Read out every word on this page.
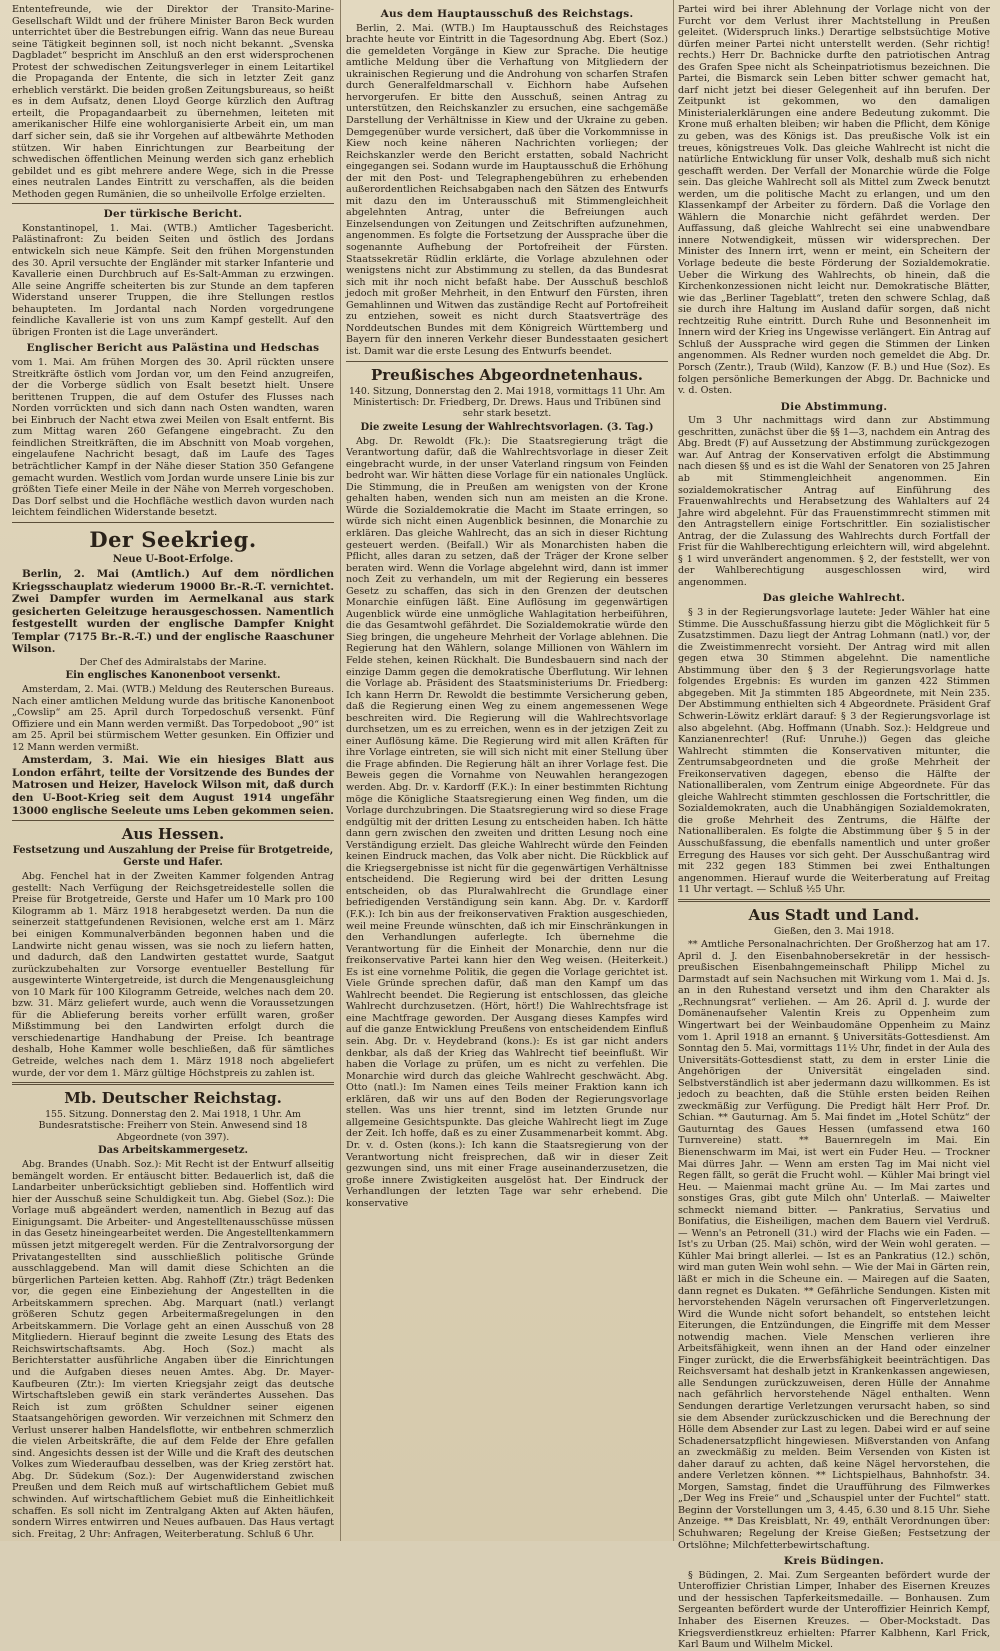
Ententefreunde, wie der Direktor der Transito-Marine-Gesellschaft Wildt und der frühere Minister Baron Beck wurden unterrichtet über die Bestrebungen eifrig. Wann das neue Bureau seine Tätigkeit beginnen soll, ist noch nicht bekannt. „Svenska Dagbladet“ bespricht im Anschluß an den erst widersprochenen Protest der schwedischen Zeitungsverleger in einem Leitartikel die Propaganda der Entente, die sich in letzter Zeit ganz erheblich verstärkt. Die beiden großen Zeitungsbureaus, so heißt es in dem Aufsatz, denen Lloyd George kürzlich den Auftrag erteilt, die Propagandaarbeit zu übernehmen, leiteten mit amerikanischer Hilfe eine wohlorganisierte Arbeit ein, um man darf sicher sein, daß sie ihr Vorgehen auf altbewährte Methoden stützen. Wir haben Einrichtungen zur Bearbeitung der schwedischen öffentlichen Meinung werden sich ganz erheblich gebildet und es gibt mehrere andere Wege, sich in die Presse eines neutralen Landes Eintritt zu verschaffen, als die beiden Methoden gegen Rumänien, die so unheilvolle Erfolge erzielten.

Der türkische Bericht.

Konstantinopel, 1. Mai. (WTB.) Amtlicher Tagesbericht. Palästinafront: Zu beiden Seiten und östlich des Jordans entwickeln sich neue Kämpfe. Seit den frühen Morgenstunden des 30. April versuchte der Engländer mit starker Infanterie und Kavallerie einen Durchbruch auf Es-Salt-Amman zu erzwingen. Alle seine Angriffe scheiterten bis zur Stunde an dem tapferen Widerstand unserer Truppen, die ihre Stellungen restlos behaupteten. Im Jordantal nach Norden vorgedrungene feindliche Kavallerie ist von uns zum Kampf gestellt. Auf den übrigen Fronten ist die Lage unverändert.

Englischer Bericht aus Palästina und Hedschas

vom 1. Mai. Am frühen Morgen des 30. April rückten unsere Streitkräfte östlich vom Jordan vor, um den Feind anzugreifen, der die Vorberge südlich von Esalt besetzt hielt. Unsere berittenen Truppen, die auf dem Ostufer des Flusses nach Norden vorrückten und sich dann nach Osten wandten, waren bei Einbruch der Nacht etwa zwei Meilen von Esalt entfernt. Bis zum Mittag waren 260 Gefangene eingebracht. Zu den feindlichen Streitkräften, die im Abschnitt von Moab vorgehen, eingelaufene Nachricht besagt, daß im Laufe des Tages beträchtlicher Kampf in der Nähe dieser Station 350 Gefangene gemacht wurden. Westlich vom Jordan wurde unsere Linie bis zur größten Tiefe einer Meile in der Nähe von Merreh vorgeschoben. Das Dorf selbst und die Hochfläche westlich davon wurden nach leichtem feindlichen Widerstande besetzt.

Der Seekrieg.
Neue U-Boot-Erfolge.

Berlin, 2. Mai (Amtlich.) Auf dem nördlichen Kriegsschauplatz wiederum 19000 Br.-R.-T. vernichtet. Zwei Dampfer wurden im Aermelkanal aus stark gesicherten Geleitzuge herausgeschossen. Namentlich festgestellt wurden der englische Dampfer Knight Templar (7175 Br.-R.-T.) und der englische Raaschuner Wilson.

Der Chef des Admiralstabs der Marine.
Ein englisches Kanonenboot versenkt.

Amsterdam, 2. Mai. (WTB.) Meldung des Reuterschen Bureaus. Nach einer amtlichen Meldung wurde das britische Kanonenboot „Cowslip“ am 25. April durch Torpedoschuß versenkt. Fünf Offiziere und ein Mann werden vermißt. Das Torpedoboot „90“ ist am 25. April bei stürmischem Wetter gesunken. Ein Offizier und 12 Mann werden vermißt.

Amsterdam, 3. Mai. Wie ein hiesiges Blatt aus London erfährt, teilte der Vorsitzende des Bundes der Matrosen und Heizer, Havelock Wilson mit, daß durch den U-Boot-Krieg seit dem August 1914 ungefähr 13000 englische Seeleute ums Leben gekommen seien.

Aus Hessen.
Festsetzung und Auszahlung der Preise für Brotgetreide, Gerste und Hafer.

Abg. Fenchel hat in der Zweiten Kammer folgenden Antrag gestellt: Nach Verfügung der Reichsgetreidestelle sollen die Preise für Brotgetreide, Gerste und Hafer um 10 Mark pro 100 Kilogramm ab 1. März 1918 herabgesetzt werden. Da nun die seinerzeit stattgefundenen Revisionen, welche erst am 1. März bei einigen Kommunalverbänden begonnen haben und die Landwirte nicht genau wissen, was sie noch zu liefern hatten, und dadurch, daß den Landwirten gestattet wurde, Saatgut zurückzubehalten zur Vorsorge eventueller Bestellung für ausgewinterte Wintergetreide, ist durch die Mengenausgleichung von 10 Mark für 100 Kilogramm Getreide, welches nach dem 20. bzw. 31. März geliefert wurde, auch wenn die Voraussetzungen für die Ablieferung bereits vorher erfüllt waren, großer Mißstimmung bei den Landwirten erfolgt durch die verschiedenartige Handhabung der Preise. Ich beantrage deshalb, Hohe Kammer wolle beschließen, daß für sämtliches Getreide, welches nach dem 1. März 1918 noch abgeliefert wurde, der vor dem 1. März gültige Höchstpreis zu zahlen ist.

Mb. Deutscher Reichstag.
155. Sitzung. Donnerstag den 2. Mai 1918, 1 Uhr. Am Bundesratstische: Freiherr von Stein. Anwesend sind 18 Abgeordnete (von 397).
Das Arbeitskammergesetz.

Abg. Brandes (Unabh. Soz.): Mit Recht ist der Entwurf allseitig bemängelt worden. Er entäuscht bitter. Bedauerlich ist, daß die Landarbeiter unberücksichtigt geblieben sind. Hoffentlich wird hier der Ausschuß seine Schuldigkeit tun. Abg. Giebel (Soz.): Die Vorlage muß abgeändert werden, namentlich in Bezug auf das Einigungsamt. Die Arbeiter- und Angestelltenausschüsse müssen in das Gesetz hineingearbeitet werden. Die Angestelltenkammern müssen jetzt mitgeregelt werden. Für die Zentralvorsorgung der Privatangestellten sind ausschließlich politische Gründe ausschlaggebend. Man will damit diese Schichten an die bürgerlichen Parteien ketten. Abg. Rahhoff (Ztr.) trägt Bedenken vor, die gegen eine Einbeziehung der Angestellten in die Arbeitskammern sprechen. Abg. Marquart (natl.) verlangt größeren Schutz gegen Arbeitermaßregelungen in den Arbeitskammern. Die Vorlage geht an einen Ausschuß von 28 Mitgliedern. Hierauf beginnt die zweite Lesung des Etats des Reichswirtschaftsamts. Abg. Hoch (Soz.) macht als Berichterstatter ausführliche Angaben über die Einrichtungen und die Aufgaben dieses neuen Amtes. Abg. Dr. Mayer-Kaufbeuren (Ztr.): Im vierten Kriegsjahr zeigt das deutsche Wirtschaftsleben gewiß ein stark verändertes Aussehen. Das Reich ist zum größten Schuldner seiner eigenen Staatsangehörigen geworden. Wir verzeichnen mit Schmerz den Verlust unserer halben Handelsflotte, wir entbehren schmerzlich die vielen Arbeitskräfte, die auf dem Felde der Ehre gefallen sind. Angesichts dessen ist der Wille und die Kraft des deutschen Volkes zum Wiederaufbau desselben, was der Krieg zerstört hat. Abg. Dr. Südekum (Soz.): Der Augenwiderstand zwischen Preußen und dem Reich muß auf wirtschaftlichem Gebiet muß schwinden. Auf wirtschaftlichem Gebiet muß die Einheitlichkeit schaffen. Es soll nicht im Zentralgang Akten auf Akten häufen, sondern Wirres entwirren und Neues aufbauen. Das Haus vertagt sich. Freitag, 2 Uhr: Anfragen, Weiterberatung. Schluß 6 Uhr.

Aus dem Hauptausschuß des Reichstags.

Berlin, 2. Mai. (WTB.) Im Hauptausschuß des Reichstages brachte heute vor Eintritt in die Tagesordnung Abg. Ebert (Soz.) die gemeldeten Vorgänge in Kiew zur Sprache. Die heutige amtliche Meldung über die Verhaftung von Mitgliedern der ukrainischen Regierung und die Androhung von scharfen Strafen durch Generalfeldmarschall v. Eichhorn habe Aufsehen hervorgerufen. Er bitte den Ausschuß, seinen Antrag zu unterstützen, den Reichskanzler zu ersuchen, eine sachgemäße Darstellung der Verhältnisse in Kiew und der Ukraine zu geben. Demgegenüber wurde versichert, daß über die Vorkommnisse in Kiew noch keine näheren Nachrichten vorliegen; der Reichskanzler werde den Bericht erstatten, sobald Nachricht eingegangen sei. Sodann wurde im Hauptausschuß die Erhöhung der mit den Post- und Telegraphengebühren zu erhebenden außerordentlichen Reichsabgaben nach den Sätzen des Entwurfs mit dazu den im Unterausschuß mit Stimmengleichheit abgelehnten Antrag, unter die Befreiungen auch Einzelsendungen von Zeitungen und Zeitschriften aufzunehmen, angenommen. Es folgte die Fortsetzung der Aussprache über die sogenannte Aufhebung der Portofreiheit der Fürsten. Staatssekretär Rüdlin erklärte, die Vorlage abzulehnen oder wenigstens nicht zur Abstimmung zu stellen, da das Bundesrat sich mit ihr noch nicht befaßt habe. Der Ausschuß beschloß jedoch mit großer Mehrheit, in den Entwurf den Fürsten, ihren Gemahlinnen und Witwen das zuständige Recht auf Portofreiheit zu entziehen, soweit es nicht durch Staatsverträge des Norddeutschen Bundes mit dem Königreich Württemberg und Bayern für den inneren Verkehr dieser Bundesstaaten gesichert ist. Damit war die erste Lesung des Entwurfs beendet.

Preußisches Abgeordnetenhaus.
140. Sitzung, Donnerstag den 2. Mai 1918, vormittags 11 Uhr. Am Ministertisch: Dr. Friedberg, Dr. Drews. Haus und Tribünen sind sehr stark besetzt.
Die zweite Lesung der Wahlrechtsvorlagen. (3. Tag.)

Abg. Dr. Rewoldt (Fk.): Die Staatsregierung trägt die Verantwortung dafür, daß die Wahlrechtsvorlage in dieser Zeit eingebracht wurde, in der unser Vaterland ringsum von Feinden bedroht war. Wir hätten diese Vorlage für ein nationales Unglück. Die Stimmung, die in Preußen am wenigsten von der Krone gehalten haben, wenden sich nun am meisten an die Krone. Würde die Sozialdemokratie die Macht im Staate erringen, so würde sich nicht einen Augenblick besinnen, die Monarchie zu erklären. Das gleiche Wahlrecht, das an sich in dieser Richtung gesteuert werden. (Beifall.) Wir als Monarchisten haben die Pflicht, alles daran zu setzen, daß der Träger der Krone selber beraten wird. Wenn die Vorlage abgelehnt wird, dann ist immer noch Zeit zu verhandeln, um mit der Regierung ein besseres Gesetz zu schaffen, das sich in den Grenzen der deutschen Monarchie einfügen läßt. Eine Auflösung im gegenwärtigen Augenblick würde eine unmögliche Wahlagitation herbeiführen, die das Gesamtwohl gefährdet. Die Sozialdemokratie würde den Sieg bringen, die ungeheure Mehrheit der Vorlage ablehnen. Die Regierung hat den Wählern, solange Millionen von Wählern im Felde stehen, keinen Rückhalt. Die Bundesbauern sind nach der einzige Damm gegen die demokratische Überflutung. Wir lehnen die Vorlage ab. Präsident des Staatsministeriums Dr. Friedberg: Ich kann Herrn Dr. Rewoldt die bestimmte Versicherung geben, daß die Regierung einen Weg zu einem angemessenen Wege beschreiten wird. Die Regierung will die Wahlrechtsvorlage durchsetzen, um es zu erreichen, wenn es in der jetzigen Zeit zu einer Auflösung käme. Die Regierung wird mit allen Kräften für ihre Vorlage eintreten, sie will sich nicht mit einer Stellung über die Frage abfinden. Die Regierung hält an ihrer Vorlage fest. Die Beweis gegen die Vornahme von Neuwahlen herangezogen werden. Abg. Dr. v. Kardorff (F.K.): In einer bestimmten Richtung möge die Königliche Staatsregierung einen Weg finden, um die Vorlage durchzubringen. Die Staatsregierung wird so diese Frage endgültig mit der dritten Lesung zu entscheiden haben. Ich hätte dann gern zwischen den zweiten und dritten Lesung noch eine Verständigung erzielt. Das gleiche Wahlrecht würde den Feinden keinen Eindruck machen, das Volk aber nicht. Die Rückblick auf die Kriegsergebnisse ist nicht für die gegenwärtigen Verhältnisse entscheidend. Die Regierung wird bei der dritten Lesung entscheiden, ob das Pluralwahlrecht die Grundlage einer befriedigenden Verständigung sein kann. Abg. Dr. v. Kardorff (F.K.): Ich bin aus der freikonservativen Fraktion ausgeschieden, weil meine Freunde wünschten, daß ich mir Einschränkungen in den Verhandlungen auferlegte. Ich übernehme die Verantwortung für die Einheit der Monarchie, denn nur die freikonservative Partei kann hier den Weg weisen. (Heiterkeit.) Es ist eine vornehme Politik, die gegen die Vorlage gerichtet ist. Viele Gründe sprechen dafür, daß man den Kampf um das Wahlrecht beendet. Die Regierung ist entschlossen, das gleiche Wahlrecht durchzusetzen. (Hört, hört!) Die Wahlrechtsfrage ist eine Machtfrage geworden. Der Ausgang dieses Kampfes wird auf die ganze Entwicklung Preußens von entscheidendem Einfluß sein. Abg. Dr. v. Heydebrand (kons.): Es ist gar nicht anders denkbar, als daß der Krieg das Wahlrecht tief beeinflußt. Wir haben die Vorlage zu prüfen, um es nicht zu verfehlen. Die Monarchie wird durch das gleiche Wahlrecht geschwächt. Abg. Otto (natl.): Im Namen eines Teils meiner Fraktion kann ich erklären, daß wir uns auf den Boden der Regierungsvorlage stellen. Was uns hier trennt, sind im letzten Grunde nur allgemeine Gesichtspunkte. Das gleiche Wahlrecht liegt im Zuge der Zeit. Ich hoffe, daß es zu einer Zusammenarbeit kommt. Abg. Dr. v. d. Osten (kons.): Ich kann die Staatsregierung von der Verantwortung nicht freisprechen, daß wir in dieser Zeit gezwungen sind, uns mit einer Frage auseinanderzusetzen, die große innere Zwistigkeiten ausgelöst hat. Der Eindruck der Verhandlungen der letzten Tage war sehr erhebend. Die konservative

Partei wird bei ihrer Ablehnung der Vorlage nicht von der Furcht vor dem Verlust ihrer Machtstellung in Preußen geleitet. (Widerspruch links.) Derartige selbstsüchtige Motive dürfen meiner Partei nicht unterstellt werden. (Sehr richtig! rechts.) Herr Dr. Bachnicke durfte den patriotischen Antrag des Grafen Spee nicht als Scheinpatriotismus bezeichnen. Die Partei, die Bismarck sein Leben bitter schwer gemacht hat, darf nicht jetzt bei dieser Gelegenheit auf ihn berufen. Der Zeitpunkt ist gekommen, wo den damaligen Ministerialerklärungen eine andere Bedeutung zukommt. Die Krone muß erhalten bleiben; wir haben die Pflicht, dem Könige zu geben, was des Königs ist. Das preußische Volk ist ein treues, königstreues Volk. Das gleiche Wahlrecht ist nicht die natürliche Entwicklung für unser Volk, deshalb muß sich nicht geschafft werden. Der Verfall der Monarchie würde die Folge sein. Das gleiche Wahlrecht soll als Mittel zum Zweck benutzt werden, um die politische Macht zu erlangen, und um den Klassenkampf der Arbeiter zu fördern. Daß die Vorlage den Wählern die Monarchie nicht gefährdet werden. Der Auffassung, daß gleiche Wahlrecht sei eine unabwendbare innere Notwendigkeit, müssen wir widersprechen. Der Minister des Innern irrt, wenn er meint, ein Scheitern der Vorlage bedeute die beste Förderung der Sozialdemokratie. Ueber die Wirkung des Wahlrechts, ob hinein, daß die Kirchenkonzessionen nicht leicht nur. Demokratische Blätter, wie das „Berliner Tageblatt“, treten den schwere Schlag, daß sie durch ihre Haltung im Ausland dafür sorgen, daß nicht rechtzeitig Ruhe eintritt. Durch Ruhe und Besonnenheit im Innern wird der Krieg ins Ungewisse verlängert. Ein Antrag auf Schluß der Aussprache wird gegen die Stimmen der Linken angenommen. Als Redner wurden noch gemeldet die Abg. Dr. Porsch (Zentr.), Traub (Wild), Kanzow (F. B.) und Hue (Soz). Es folgen persönliche Bemerkungen der Abgg. Dr. Bachnicke und v. d. Osten.

Die Abstimmung.

Um 3 Uhr nachmittags wird dann zur Abstimmung geschritten, zunächst über die §§ 1—3, nachdem ein Antrag des Abg. Bredt (F) auf Aussetzung der Abstimmung zurückgezogen war. Auf Antrag der Konservativen erfolgt die Abstimmung nach diesen §§ und es ist die Wahl der Senatoren von 25 Jahren ab mit Stimmengleichheit angenommen. Ein sozialdemokratischer Antrag auf Einführung des Frauenwahlrechts und Herabsetzung des Wahlalters auf 24 Jahre wird abgelehnt. Für das Frauenstimmrecht stimmen mit den Antragstellern einige Fortschrittler. Ein sozialistischer Antrag, der die Zulassung des Wahlrechts durch Fortfall der Frist für die Wahlberechtigung erleichtern will, wird abgelehnt. § 1 wird unverändert angenommen. § 2, der feststellt, wer von der Wahlberechtigung ausgeschlossen wird, wird angenommen.

Das gleiche Wahlrecht.

§ 3 in der Regierungsvorlage lautete: Jeder Wähler hat eine Stimme. Die Ausschußfassung hierzu gibt die Möglichkeit für 5 Zusatzstimmen. Dazu liegt der Antrag Lohmann (natl.) vor, der die Zweistimmenrecht vorsieht. Der Antrag wird mit allen gegen etwa 30 Stimmen abgelehnt. Die namentliche Abstimmung über den § 3 der Regierungsvorlage hatte folgendes Ergebnis: Es wurden im ganzen 422 Stimmen abgegeben. Mit Ja stimmten 185 Abgeordnete, mit Nein 235. Der Abstimmung enthielten sich 4 Abgeordnete. Präsident Graf Schwerin-Löwitz erklärt darauf: § 3 der Regierungsvorlage ist also abgelehnt. (Abg. Hoffmann (Unabh. Soz.): Heldgreue und Kanzianenrechter! (Ruf: Unruhe.)) Gegen das gleiche Wahlrecht stimmten die Konservativen mitunter, die Zentrumsabgeordneten und die große Mehrheit der Freikonservativen dagegen, ebenso die Hälfte der Nationalliberalen, vom Zentrum einige Abgeordnete. Für das gleiche Wahlrecht stimmten geschlossen die Fortschrittler, die Sozialdemokraten, auch die Unabhängigen Sozialdemokraten, die große Mehrheit des Zentrums, die Hälfte der Nationalliberalen. Es folgte die Abstimmung über § 5 in der Ausschußfassung, die ebenfalls namentlich und unter großer Erregung des Hauses vor sich geht. Der Ausschußantrag wird mit 232 gegen 183 Stimmen bei zwei Enthaltungen angenommen. Hierauf wurde die Weiterberatung auf Freitag 11 Uhr vertagt. — Schluß ½5 Uhr.

Aus Stadt und Land.
Gießen, den 3. Mai 1918.

** Amtliche Personalnachrichten. Der Großherzog hat am 17. April d. J. den Eisenbahnobersekretär in der hessisch-preußischen Eisenbahngemeinschaft Philipp Michel zu Darmstadt auf sein Nachsuchen mit Wirkung vom 1. Mai d. Js. an in den Ruhestand versetzt und ihm den Charakter als „Rechnungsrat“ verliehen. — Am 26. April d. J. wurde der Domänenaufseher Valentin Kreis zu Oppenheim zum Wingertwart bei der Weinbaudomäne Oppenheim zu Mainz vom 1. April 1918 an ernannt. § Universitäts-Gottesdienst. Am Sonntag den 5. Mai, vormittags 11½ Uhr, findet in der Aula des Universitäts-Gottesdienst statt, zu dem in erster Linie die Angehörigen der Universität eingeladen sind. Selbstverständlich ist aber jedermann dazu willkommen. Es ist jedoch zu beachten, daß die Stühle ersten beiden Reihen zweckmäßig zur Verfügung. Die Predigt hält Herr Prof. Dr. Schian. ** Gauturnag. Am 5. Mai findet im „Hotel Schütz“ der Gauturntag des Gaues Hessen (umfassend etwa 160 Turnvereine) statt. ** Bauernregeln im Mai. Ein Bienenschwarm im Mai, ist wert ein Fuder Heu. — Trockner Mai dürres Jahr. — Wenn am ersten Tag im Mai nicht viel Regen fällt, so gerät die Frucht wohl. — Kühler Mai bringt viel Heu. — Maienmai macht grüne Au. — Im Mai zartes und sonstiges Gras, gibt gute Milch ohn' Unterlaß. — Maiwelter schmeckt niemand bitter. — Pankratius, Servatius und Bonifatius, die Eisheiligen, machen dem Bauern viel Verdruß. — Wenn's an Petronell (31.) wird der Flachs wie ein Faden. — Ist's zu Urban (25. Mai) schön, wird der Wein wohl geraten. — Kühler Mai bringt allerlei. — Ist es an Pankratius (12.) schön, wird man guten Wein wohl sehn. — Wie der Mai in Gärten rein, läßt er mich in die Scheune ein. — Mairegen auf die Saaten, dann regnet es Dukaten. ** Gefährliche Sendungen. Kisten mit hervorstehenden Nägeln verursachen oft Fingerverletzungen. Wird die Wunde nicht sofort behandelt, so entstehen leicht Eiterungen, die Entzündungen, die Eingriffe mit dem Messer notwendig machen. Viele Menschen verlieren ihre Arbeitsfähigkeit, wenn ihnen an der Hand oder einzelner Finger zurückt, die die Erwerbsfähigkeit beeinträchtigen. Das Reichsversamt hat deshalb jetzt in Krankenkassen angewiesen, alle Sendungen zurückzuweisen, deren Hülle der Annahme nach gefährlich hervorstehende Nägel enthalten. Wenn Sendungen derartige Verletzungen verursacht haben, so sind sie dem Absender zurückzuschicken und die Berechnung der Hölle dem Absender zur Last zu legen. Dabei wird er auf seine Schadenersatzpflicht hingewiesen. Mißverstanden von Anfang an zweckmäßig zu melden. Beim Versenden von Kisten ist daher darauf zu achten, daß keine Nägel hervorstehen, die andere Verletzen können. ** Lichtspielhaus, Bahnhofstr. 34. Morgen, Samstag, findet die Uraufführung des Filmwerkes „Der Weg ins Freie“ und „Schauspiel unter der Fuchtel“ statt. Beginn der Vorstellungen um 3, 4.45, 6.30 und 8.15 Uhr. Siehe Anzeige. ** Das Kreisblatt, Nr. 49, enthält Verordnungen über: Schuhwaren; Regelung der Kreise Gießen; Festsetzung der Ortslöhne; Milchfetterbewirtschaftung.

Kreis Büdingen.

§ Büdingen, 2. Mai. Zum Sergeanten befördert wurde der Unteroffizier Christian Limper, Inhaber des Eisernen Kreuzes und der hessischen Tapferkeitsmedaille. — Bonhausen. Zum Sergeanten befördert wurde der Unteroffizier Heinrich Kempf, Inhaber des Eisernen Kreuzes. — Ober-Mockstadt. Das Kriegsverdienstkreuz erhielten: Pfarrer Kalbhenn, Karl Frick, Karl Baum und Wilhelm Mickel.
